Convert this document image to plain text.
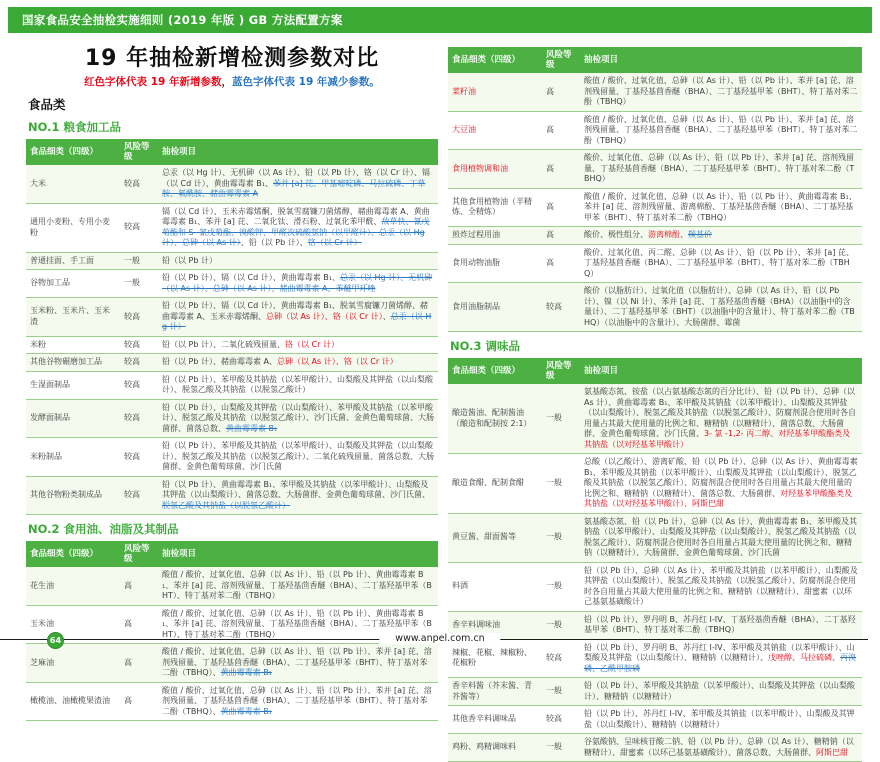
国家食品安全抽检实施细则 (2019 年版 ) GB 方法配置方案
19 年抽检新增检测参数对比
红色字体代表 19 年新增参数，蓝色字体代表 19 年减少参数。
食品类
NO.1 粮食加工品
食品细类（四级）	风险等级	抽检项目
大米	较高	总汞（以 Hg 计）、无机砷（以 As 计）、铅（以 Pb 计）、铬（以 Cr 计）、镉（以 Cd 计）、黄曲霉毒素 B₁、苯并 [a] 芘、甲基嘧啶磷、马拉硫磷、丁草胺、氟酰胺、赭曲霉毒素 A
通用小麦粉、专用小麦粉	较高	镉（以 Cd 计）、玉米赤霉烯酮、脱氧雪腐镰刀菌烯醇、赭曲霉毒素 A、黄曲霉毒素 B₁、苯并 [a] 芘、二氧化钛、滑石粉、过氧化苯甲酰、敌草快、氰戊菊酯和 S- 氰戊菊酯、溴酸钾、甲醛次硫酸氢钠（以甲醛计）、总汞（以 Hg 计）、总砷（以 As 计）、铅（以 Pb 计）、铬（以 Cr 计）
普通挂面、手工面	一般	铅（以 Pb 计）
谷物加工品	一般	铅（以 Pb 计）、镉（以 Cd 计）、黄曲霉毒素 B₁、总汞（以 Hg 计）、无机砷（以 As 计）、总砷（以 As 计）、赭曲霉毒素 A、苯醚甲环唑
玉米粉、玉米片、玉米渣	较高	铅（以 Pb 计）、镉（以 Cd 计）、黄曲霉毒素 B₁、脱氧雪腐镰刀菌烯醇、赭曲霉毒素 A、玉米赤霉烯酮、总砷（以 As 计）、铬（以 Cr 计）、总汞（以 Hg 计）
米粉	较高	铅（以 Pb 计）、二氧化硫残留量、铬（以 Cr 计）
其他谷物碾磨加工品	较高	铅（以 Pb 计）、赭曲霉毒素 A、总砷（以 As 计）、铬（以 Cr 计）
生湿面制品	较高	铅（以 Pb 计）、苯甲酸及其钠盐（以苯甲酸计）、山梨酸及其钾盐（以山梨酸计）、脱氢乙酸及其钠盐（以脱氢乙酸计）
发酵面制品	较高	铅（以 Pb 计）、山梨酸及其钾盐（以山梨酸计）、苯甲酸及其钠盐（以苯甲酸计）、脱氢乙酸及其钠盐（以脱氢乙酸计）、沙门氏菌、金黄色葡萄球菌、大肠菌群、菌落总数、黄曲霉毒素 B₁
米粉制品	较高	铅（以 Pb 计）、苯甲酸及其钠盐（以苯甲酸计）、山梨酸及其钾盐（以山梨酸计）、脱氢乙酸及其钠盐（以脱氢乙酸计）、二氧化硫残留量、菌落总数、大肠菌群、金黄色葡萄球菌、沙门氏菌
其他谷物粉类制成品	较高	铅（以 Pb 计）、黄曲霉毒素 B₁、苯甲酸及其钠盐（以苯甲酸计）、山梨酸及其钾盐（以山梨酸计）、菌落总数、大肠菌群、金黄色葡萄球菌、沙门氏菌、脱氢乙酸及其钠盐（以脱氢乙酸计）
NO.2 食用油、油脂及其制品
食品细类（四级）	风险等级	抽检项目
花生油	高	酸值 / 酸价、过氧化值、总砷（以 As 计）、铅（以 Pb 计）、黄曲霉毒素 B₁、苯并 [a] 芘、溶剂残留量、丁基羟基茴香醚（BHA）、二丁基羟基甲苯（BHT）、特丁基对苯二酚（TBHQ）
玉米油	高	酸值 / 酸价、过氧化值、总砷（以 As 计）、铅（以 Pb 计）、黄曲霉毒素 B₁、苯并 [a] 芘、溶剂残留量、丁基羟基茴香醚（BHA）、二丁基羟基甲苯（BHT）、特丁基对苯二酚（TBHQ）
芝麻油	高	酸值 / 酸价、过氧化值、总砷（以 As 计）、铅（以 Pb 计）、苯并 [a] 芘、溶剂残留量、丁基羟基茴香醚（BHA）、二丁基羟基甲苯（BHT）、特丁基对苯二酚（TBHQ）、黄曲霉毒素 B₁
橄榄油、油橄榄果渣油	高	酸值 / 酸价、过氧化值、总砷（以 As 计）、铅（以 Pb 计）、苯并 [a] 芘、溶剂残留量、丁基羟基茴香醚（BHA）、二丁基羟基甲苯（BHT）、特丁基对苯二酚（TBHQ）、黄曲霉毒素 B₁
食品细类（四级）	风险等级	抽检项目
菜籽油	高	酸值 / 酸价、过氧化值、总砷（以 As 计）、铅（以 Pb 计）、苯并 [a] 芘、溶剂残留量、丁基羟基茴香醚（BHA）、二丁基羟基甲苯（BHT）、特丁基对苯二酚（TBHQ）
大豆油	高	酸值 / 酸价、过氧化值、总砷（以 As 计）、铅（以 Pb 计）、苯并 [a] 芘、溶剂残留量、丁基羟基茴香醚（BHA）、二丁基羟基甲苯（BHT）、特丁基对苯二酚（TBHQ）
食用植物调和油	高	酸价、过氧化值、总砷（以 As 计）、铅（以 Pb 计）、苯并 [a] 芘、溶剂残留量、丁基羟基茴香醚（BHA）、二丁基羟基甲苯（BHT）、特丁基对苯二酚（TBHQ）
其他食用植物油（半精炼、全精炼）	高	酸值 / 酸价、过氧化值、总砷（以 As 计）、铅（以 Pb 计）、黄曲霉毒素 B₁、苯并 [a] 芘、溶剂残留量、游离棉酚、丁基羟基茴香醚（BHA）、二丁基羟基甲苯（BHT）、特丁基对苯二酚（TBHQ）
煎炸过程用油	高	酸价、极性组分、游离棉酚、羰基价
食用动物油脂	高	酸价、过氧化值、丙二醛、总砷（以 As 计）、铅（以 Pb 计）、苯并 [a] 芘、丁基羟基茴香醚（BHA）、二丁基羟基甲苯（BHT）、特丁基对苯二酚（TBHQ）
食用油脂制品	较高	酸价（以脂肪计）、过氧化值（以脂肪计）、总砷（以 As 计）、铅（以 Pb 计）、镍（以 Ni 计）、苯并 [a] 芘、丁基羟基茴香醚（BHA）（以油脂中的含量计）、二丁基羟基甲苯（BHT）（以油脂中的含量计）、特丁基对苯二酚（TBHQ）（以油脂中的含量计）、大肠菌群、霉菌
NO.3 调味品
食品细类（四级）	风险等级	抽检项目
酿造酱油、配制酱油（酿造和配制按 2:1）	一般	氨基酸态氮、铵盐（以占氨基酸态氮的百分比计）、铅（以 Pb 计）、总砷（以 As 计）、黄曲霉毒素 B₁、苯甲酸及其钠盐（以苯甲酸计）、山梨酸及其钾盐（以山梨酸计）、脱氢乙酸及其钠盐（以脱氢乙酸计）、防腐剂混合使用时各自用量占其最大使用量的比例之和、糖精钠（以糖精计）、菌落总数、大肠菌群、金黄色葡萄球菌、沙门氏菌、3- 氯 -1,2- 丙二醇、对羟基苯甲酸酯类及其钠盐（以对羟基苯甲酸计）
酿造食醋、配制食醋	一般	总酸（以乙酸计）、游离矿酸、铅（以 Pb 计）、总砷（以 As 计）、黄曲霉毒素 B₁、苯甲酸及其钠盐（以苯甲酸计）、山梨酸及其钾盐（以山梨酸计）、脱氢乙酸及其钠盐（以脱氢乙酸计）、防腐剂混合使用时各自用量占其最大使用量的比例之和、糖精钠（以糖精计）、菌落总数、大肠菌群、对羟基苯甲酸酯类及其钠盐（以对羟基苯甲酸计）、阿斯巴甜
黄豆酱、甜面酱等	一般	氨基酸态氮、铅（以 Pb 计）、总砷（以 As 计）、黄曲霉毒素 B₁、苯甲酸及其钠盐（以苯甲酸计）、山梨酸及其钾盐（以山梨酸计）、脱氢乙酸及其钠盐（以脱氢乙酸计）、防腐剂混合使用时各自用量占其最大使用量的比例之和、糖精钠（以糖精计）、大肠菌群、金黄色葡萄球菌、沙门氏菌
料酒	一般	铅（以 Pb 计）、总砷（以 As 计）、苯甲酸及其钠盐（以苯甲酸计）、山梨酸及其钾盐（以山梨酸计）、脱氢乙酸及其钠盐（以脱氢乙酸计）、防腐剂混合使用时各自用量占其最大使用量的比例之和、糖精钠（以糖精计）、甜蜜素（以环己基氨基磺酸计）
香辛料调味油	一般	铅（以 Pb 计）、罗丹明 B、苏丹红 I-IV、丁基羟基茴香醚（BHA）、二丁基羟基甲苯（BHT）、特丁基对苯二酚（TBHQ）
辣椒、花椒、辣椒粉、花椒粉	较高	铅（以 Pb 计）、罗丹明 B、苏丹红 I-IV、苯甲酸及其钠盐（以苯甲酸计）、山梨酸及其钾盐（以山梨酸计）、糖精钠（以糖精计）、戊唑醇、马拉硫磷、丙溴磷、乙酰甲胺磷
香辛料酱（芥末酱、青芥酱等）	一般	铅（以 Pb 计）、苯甲酸及其钠盐（以苯甲酸计）、山梨酸及其钾盐（以山梨酸计）、糖精钠（以糖精计）
其他香辛料调味品	较高	铅（以 Pb 计）、苏丹红 I-IV、苯甲酸及其钠盐（以苯甲酸计）、山梨酸及其钾盐（以山梨酸计）、糖精钠（以糖精计）
鸡粉、鸡精调味料	一般	谷氨酸钠、呈味核苷酸二钠、铅（以 Pb 计）、总砷（以 As 计）、糖精钠（以糖精计）、甜蜜素（以环己基氨基磺酸计）、菌落总数、大肠菌群、阿斯巴甜
64	www.anpel.com.cn
